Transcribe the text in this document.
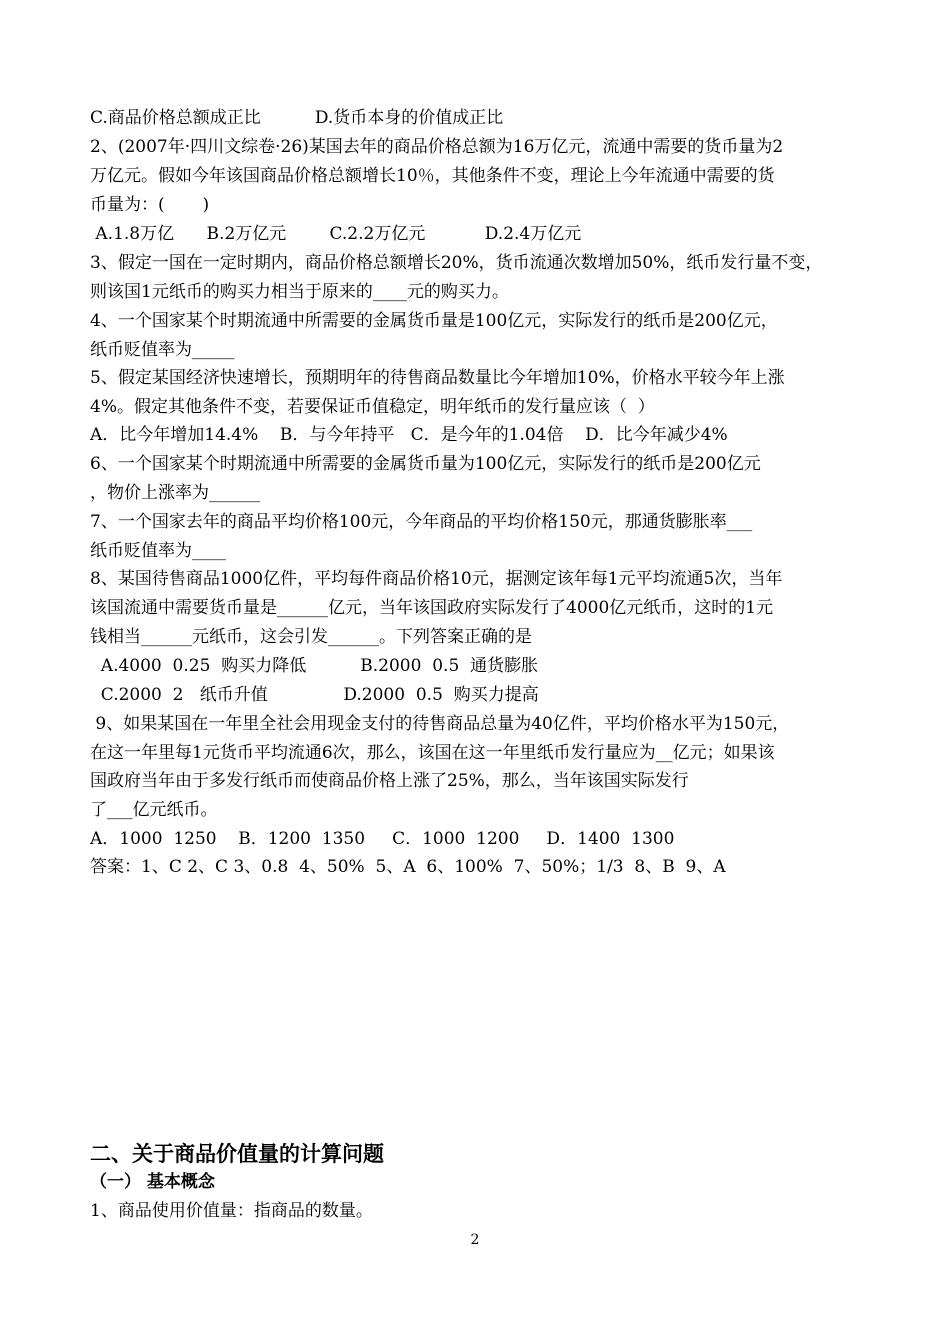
C.商品价格总额成正比          D.货币本身的价值成正比
2、(2007年·四川文综卷·26)某国去年的商品价格总额为16万亿元，流通中需要的货币量为2
万亿元。假如今年该国商品价格总额增长10％，其他条件不变，理论上今年流通中需要的货
币量为：(       )
A.1.8万亿      B.2万亿元        C.2.2万亿元           D.2.4万亿元
3、假定一国在一定时期内，商品价格总额增长20%，货币流通次数增加50%，纸币发行量不变，
则该国1元纸币的购买力相当于原来的____元的购买力。
4、一个国家某个时期流通中所需要的金属货币量是100亿元，实际发行的纸币是200亿元，
纸币贬值率为_____
5、假定某国经济快速增长，预期明年的待售商品数量比今年增加10%，价格水平较今年上涨
4%。假定其他条件不变，若要保证币值稳定，明年纸币的发行量应该（  ）
A．比今年增加14.4%    B．与今年持平   C．是今年的1.04倍    D．比今年减少4%
6、一个国家某个时期流通中所需要的金属货币量为100亿元，实际发行的纸币是200亿元
，物价上涨率为______
7、一个国家去年的商品平均价格100元，今年商品的平均价格150元，那通货膨胀率___
纸币贬值率为____
8、某国待售商品1000亿件，平均每件商品价格10元，据测定该年每1元平均流通5次，当年
该国流通中需要货币量是______亿元，当年该国政府实际发行了4000亿元纸币，这时的1元
钱相当______元纸币，这会引发______。下列答案正确的是
A.4000  0.25  购买力降低          B.2000  0.5  通货膨胀
C.2000  2   纸币升值              D.2000  0.5  购买力提高
9、如果某国在一年里全社会用现金支付的待售商品总量为40亿件，平均价格水平为150元，
在这一年里每1元货币平均流通6次，那么，该国在这一年里纸币发行量应为__亿元；如果该
国政府当年由于多发行纸币而使商品价格上涨了25%，那么，当年该国实际发行
了___亿元纸币。
A．1000  1250    B．1200  1350     C．1000  1200     D．1400  1300
答案：1、C 2、C 3、0.8  4、50%  5、A  6、100%  7、50%；1/3  8、B  9、A
二、关于商品价值量的计算问题
（一） 基本概念
1、商品使用价值量：指商品的数量。
2
